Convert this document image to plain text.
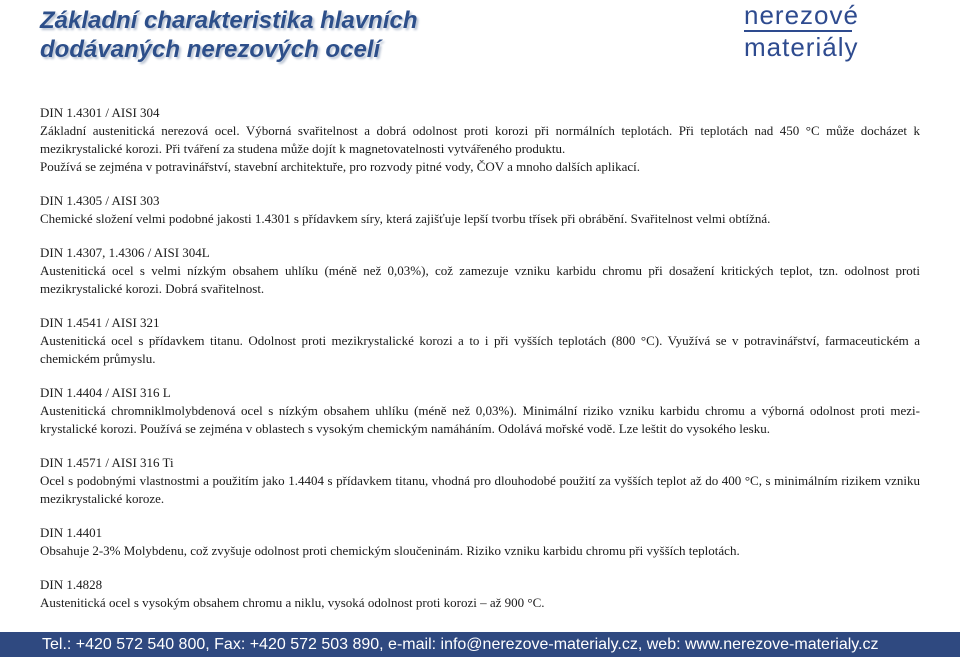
Základní charakteristika hlavních
dodávaných nerezových ocelí
nerezové
materiály
DIN 1.4301 / AISI 304
Základní austenitická nerezová ocel. Výborná svařitelnost a dobrá odolnost proti korozi při normálních teplotách. Při teplotách nad 450 °C může docházet k mezikrystalické korozi. Při tváření za studena může dojít k magnetovatelnosti vytvářeného produktu.
Používá se zejména v potravinářství, stavební architektuře, pro rozvody pitné vody, ČOV a mnoho dalších aplikací.
DIN 1.4305 / AISI 303
Chemické složení velmi podobné jakosti 1.4301 s přídavkem síry, která zajišťuje lepší tvorbu třísek při obrábění. Svařitelnost velmi obtížná.
DIN 1.4307, 1.4306 / AISI 304L
Austenitická ocel s velmi nízkým obsahem uhlíku (méně než 0,03%), což zamezuje vzniku karbidu chromu při dosažení kritických teplot, tzn. odolnost proti mezikrystalické korozi. Dobrá svařitelnost.
DIN 1.4541 / AISI 321
Austenitická ocel s přídavkem titanu. Odolnost proti mezikrystalické korozi a to i při vyšších teplotách (800 °C). Využívá se v potravinářství, farmaceutickém a chemickém průmyslu.
DIN 1.4404 / AISI 316 L
Austenitická chromniklmolybdenová ocel s nízkým obsahem uhlíku (méně než 0,03%). Minimální riziko vzniku karbidu chromu a výborná odolnost proti mezi-krystalické korozi. Používá se zejména v oblastech s vysokým chemickým namáháním. Odolává mořské vodě. Lze leštit do vysokého lesku.
DIN 1.4571 / AISI 316 Ti
Ocel s podobnými vlastnostmi a použitím jako 1.4404 s přídavkem titanu, vhodná pro dlouhodobé použití za vyšších teplot až do 400 °C, s minimálním rizikem vzniku mezikrystalické koroze.
DIN 1.4401
Obsahuje 2-3% Molybdenu, což zvyšuje odolnost proti chemickým sloučeninám. Riziko vzniku karbidu chromu při vyšších teplotách.
DIN 1.4828
Austenitická ocel s vysokým obsahem chromu a niklu, vysoká odolnost proti korozi – až 900 °C.
Tel.: +420 572 540 800, Fax: +420 572 503 890, e-mail: info@nerezove-materialy.cz, web: www.nerezove-materialy.cz
